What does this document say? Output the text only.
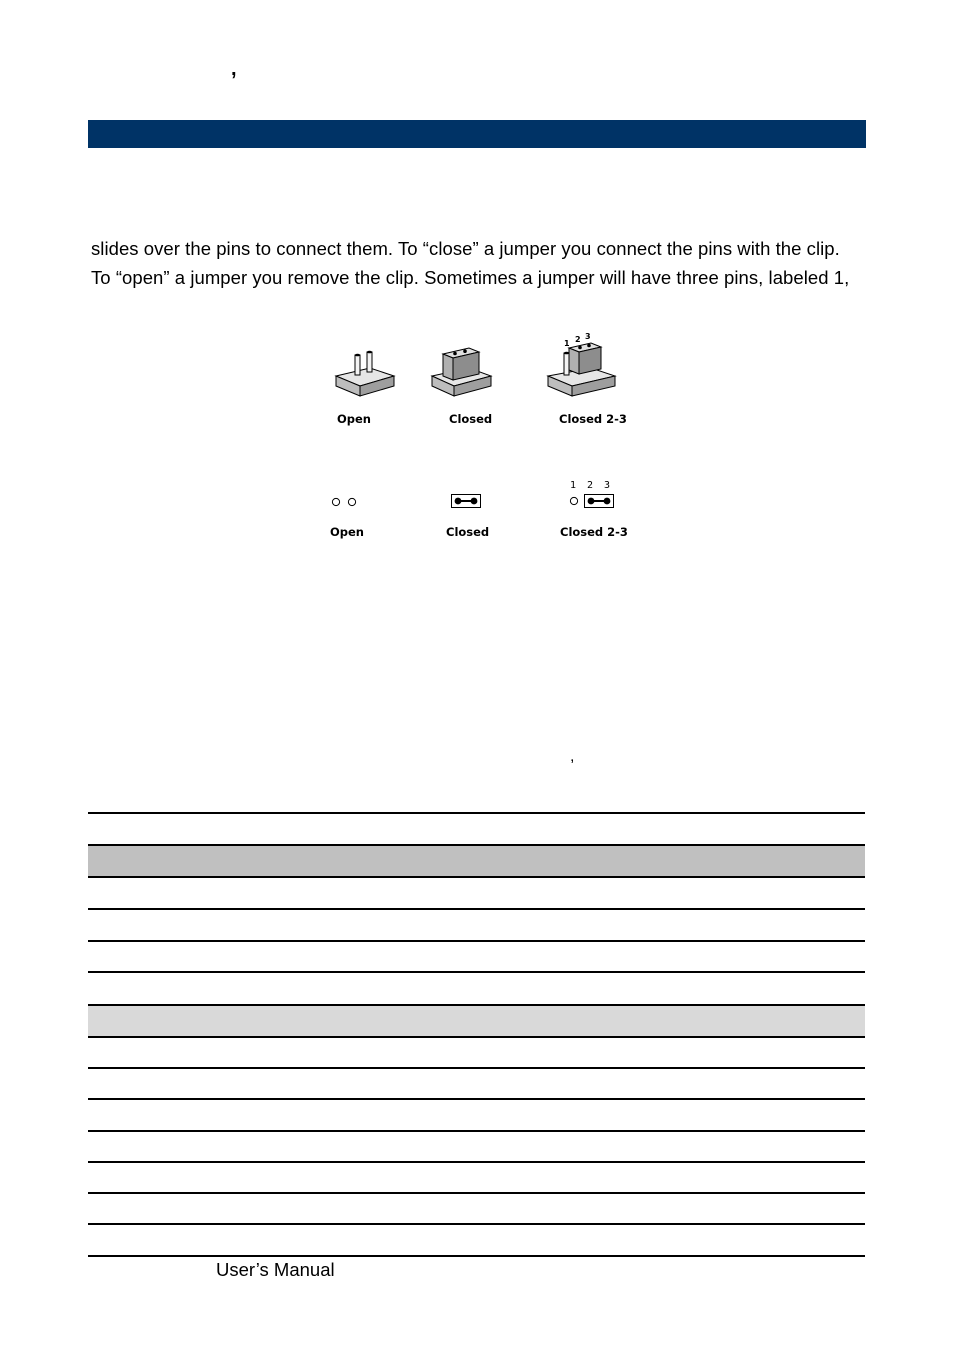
,
slides over the pins to connect them. To “close” a jumper you connect the pins with the clip.
To “open” a jumper you remove the clip. Sometimes a jumper will have three pins, labeled 1,
1 2 3
Open	Closed	Closed 2-3
1 2 3
Open	Closed	Closed 2-3
,
User’s Manual
